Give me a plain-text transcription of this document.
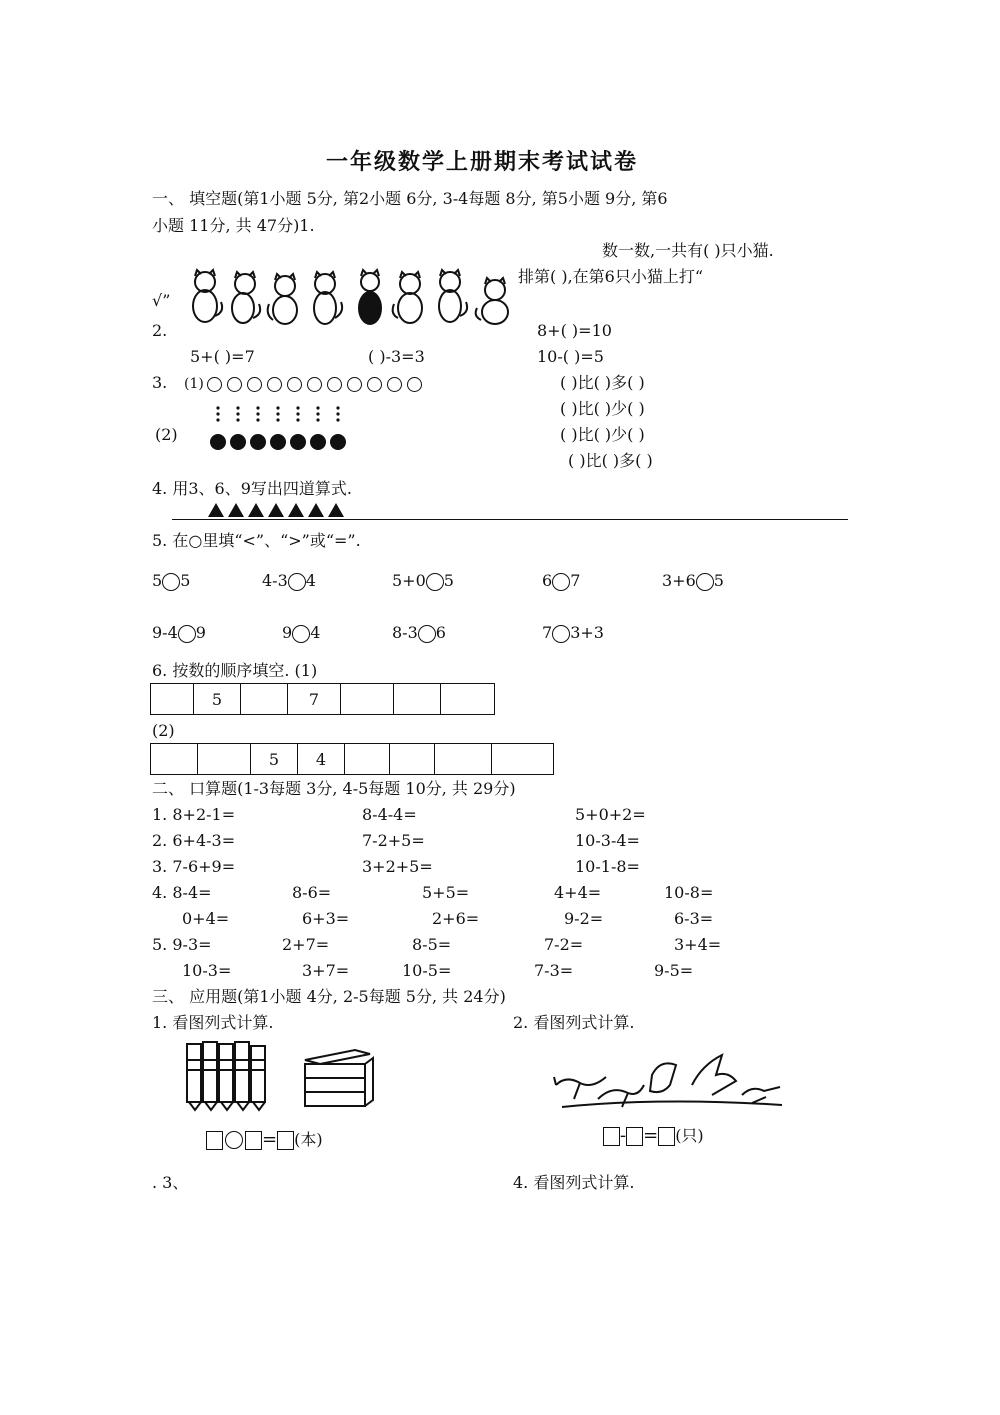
一年级数学上册期末考试试卷
一、 填空题(第1小题 5分, 第2小题 6分, 3-4每题 8分, 第5小题 9分, 第6
小题 11分, 共 47分)1.
数一数,一共有( )只小猫.
排第( ),在第6只小猫上打“
√”
2.	8+( )=10
5+( )=7	( )-3=3	10-( )=5
3. (1)
(2)
( )比( )多( )
( )比( )少( )
( )比( )少( )
( )比( )多( )
4. 用3、6、9写出四道算式.
5. 在○里填“<”、“>”或“=”.
5 5	4-3 4	5+0 5	6 7	3+6 5
9-4 9	9 4	8-3 6	7 3+3
6. 按数的顺序填空. (1)
	5		7			
(2)
		5	4				
二、 口算题(1-3每题 3分, 4-5每题 10分, 共 29分)
1. 8+2-1=	8-4-4=	5+0+2=
2. 6+4-3=	7-2+5=	10-3-4=
3. 7-6+9=	3+2+5=	10-1-8=
4. 8-4=	8-6=	5+5=	4+4=	10-8=
0+4=	6+3=	2+6=	9-2=	6-3=
5. 9-3=	2+7=	8-5=	7-2=	3+4=
10-3=	3+7=	10-5=	7-3=	9-5=
三、 应用题(第1小题 4分, 2-5每题 5分, 共 24分)
1. 看图列式计算.	2. 看图列式计算.
= (本)	- = (只)
. 3、	4. 看图列式计算.
